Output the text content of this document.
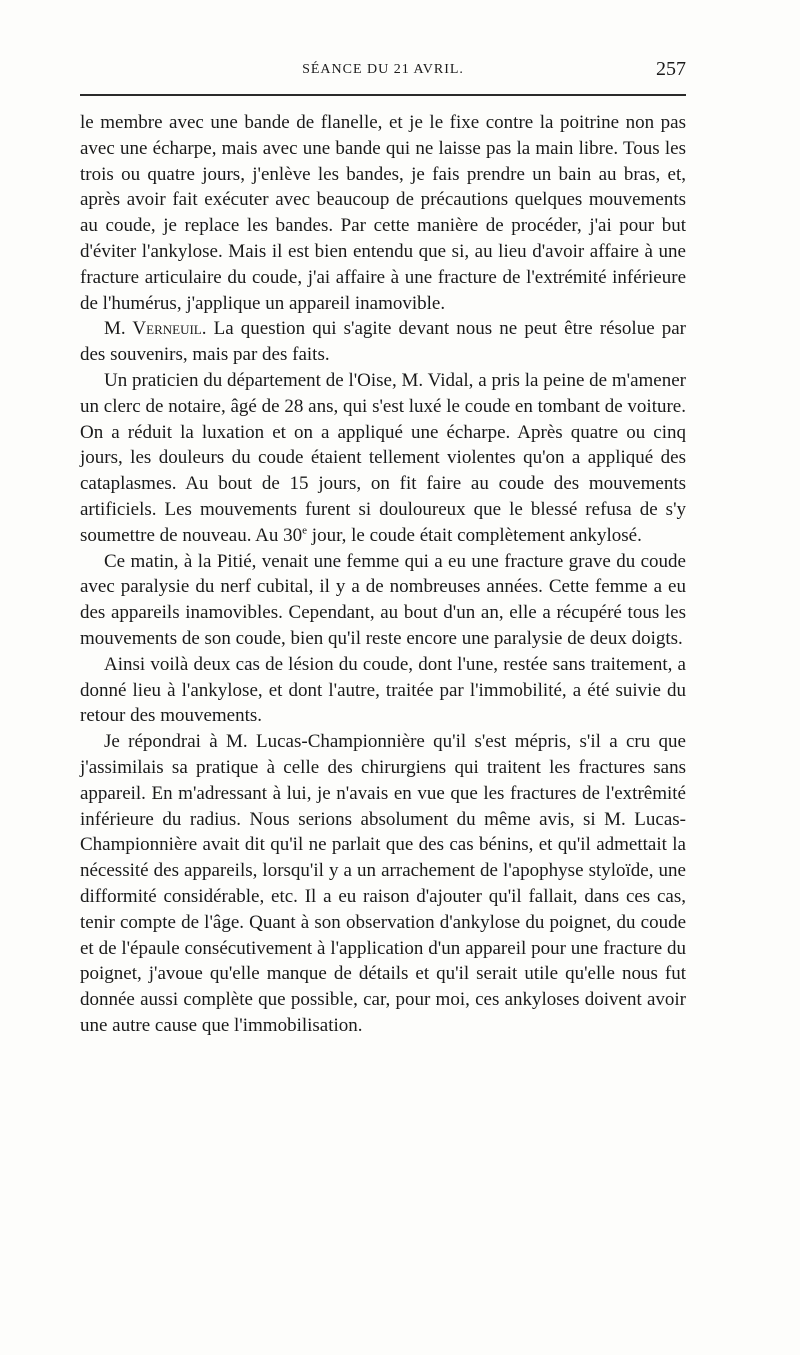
SÉANCE DU 21 AVRIL.	257

le membre avec une bande de flanelle, et je le fixe contre la poitrine non pas avec une écharpe, mais avec une bande qui ne laisse pas la main libre. Tous les trois ou quatre jours, j'enlève les bandes, je fais prendre un bain au bras, et, après avoir fait exécuter avec beaucoup de précautions quelques mouvements au coude, je replace les bandes. Par cette manière de procéder, j'ai pour but d'éviter l'ankylose. Mais il est bien entendu que si, au lieu d'avoir affaire à une fracture articulaire du coude, j'ai affaire à une fracture de l'extrémité inférieure de l'humérus, j'applique un appareil inamovible.

M. Verneuil. La question qui s'agite devant nous ne peut être résolue par des souvenirs, mais par des faits.

Un praticien du département de l'Oise, M. Vidal, a pris la peine de m'amener un clerc de notaire, âgé de 28 ans, qui s'est luxé le coude en tombant de voiture. On a réduit la luxation et on a appliqué une écharpe. Après quatre ou cinq jours, les douleurs du coude étaient tellement violentes qu'on a appliqué des cataplasmes. Au bout de 15 jours, on fit faire au coude des mouvements artificiels. Les mouvements furent si douloureux que le blessé refusa de s'y soumettre de nouveau. Au 30e jour, le coude était complètement ankylosé.

Ce matin, à la Pitié, venait une femme qui a eu une fracture grave du coude avec paralysie du nerf cubital, il y a de nombreuses années. Cette femme a eu des appareils inamovibles. Cependant, au bout d'un an, elle a récupéré tous les mouvements de son coude, bien qu'il reste encore une paralysie de deux doigts.

Ainsi voilà deux cas de lésion du coude, dont l'une, restée sans traitement, a donné lieu à l'ankylose, et dont l'autre, traitée par l'immobilité, a été suivie du retour des mouvements.

Je répondrai à M. Lucas-Championnière qu'il s'est mépris, s'il a cru que j'assimilais sa pratique à celle des chirurgiens qui traitent les fractures sans appareil. En m'adressant à lui, je n'avais en vue que les fractures de l'extrêmité inférieure du radius. Nous serions absolument du même avis, si M. Lucas-Championnière avait dit qu'il ne parlait que des cas bénins, et qu'il admettait la nécessité des appareils, lorsqu'il y a un arrachement de l'apophyse styloïde, une difformité considérable, etc. Il a eu raison d'ajouter qu'il fallait, dans ces cas, tenir compte de l'âge. Quant à son observation d'ankylose du poignet, du coude et de l'épaule consécutivement à l'application d'un appareil pour une fracture du poignet, j'avoue qu'elle manque de détails et qu'il serait utile qu'elle nous fut donnée aussi complète que possible, car, pour moi, ces ankyloses doivent avoir une autre cause que l'immobilisation.
